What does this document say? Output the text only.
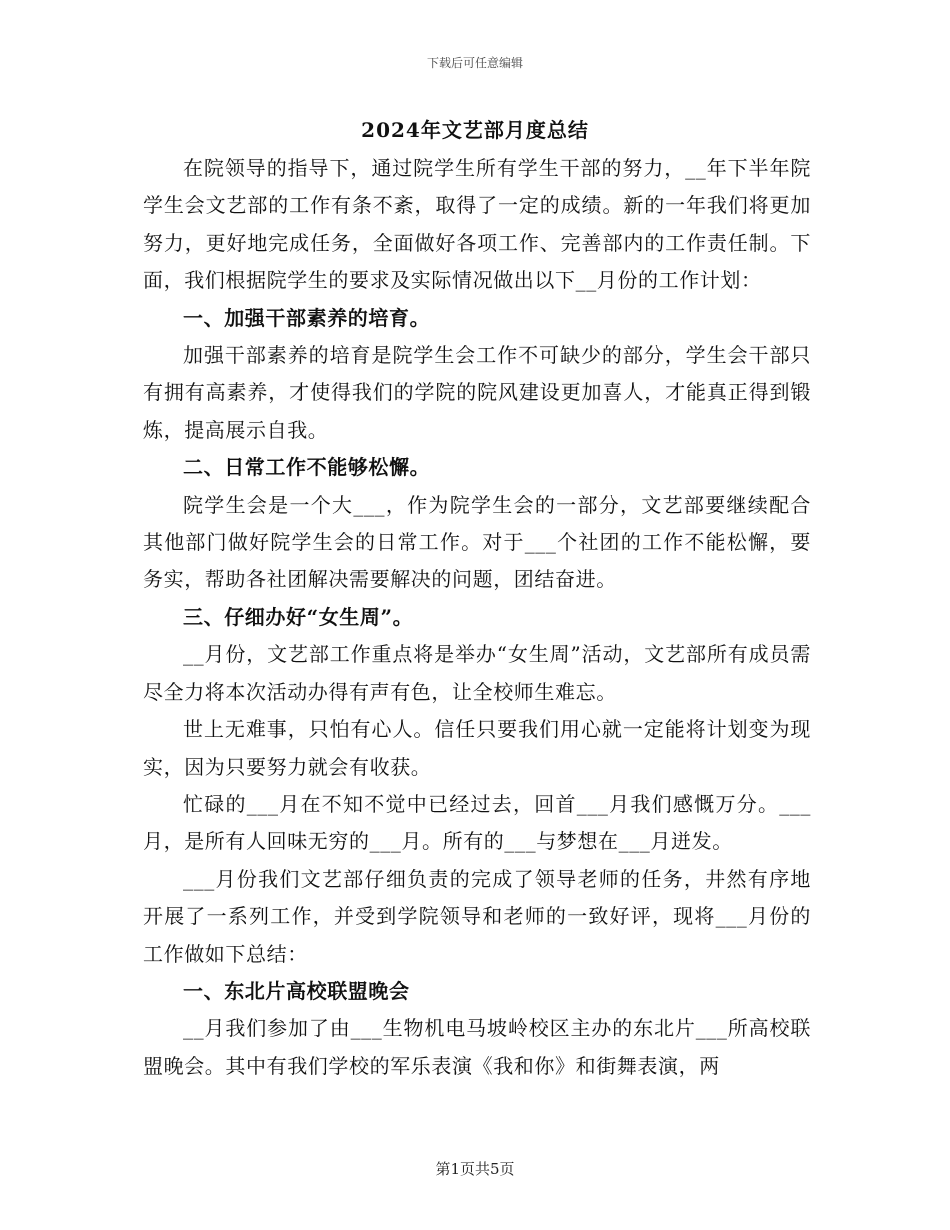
下载后可任意编辑
2024年文艺部月度总结

在院领导的指导下，通过院学生所有学生干部的努力，__年下半年院学生会文艺部的工作有条不紊，取得了一定的成绩。新的一年我们将更加努力，更好地完成任务，全面做好各项工作、完善部内的工作责任制。下面，我们根据院学生的要求及实际情况做出以下__月份的工作计划：

一、加强干部素养的培育。

加强干部素养的培育是院学生会工作不可缺少的部分，学生会干部只有拥有高素养，才使得我们的学院的院风建设更加喜人，才能真正得到锻炼，提高展示自我。

二、日常工作不能够松懈。

院学生会是一个大___，作为院学生会的一部分，文艺部要继续配合其他部门做好院学生会的日常工作。对于___个社团的工作不能松懈，要务实，帮助各社团解决需要解决的问题，团结奋进。

三、仔细办好“女生周”。

__月份，文艺部工作重点将是举办“女生周”活动，文艺部所有成员需尽全力将本次活动办得有声有色，让全校师生难忘。

世上无难事，只怕有心人。信任只要我们用心就一定能将计划变为现实，因为只要努力就会有收获。

忙碌的___月在不知不觉中已经过去，回首___月我们感慨万分。___月，是所有人回味无穷的___月。所有的___与梦想在___月迸发。

___月份我们文艺部仔细负责的完成了领导老师的任务，井然有序地开展了一系列工作，并受到学院领导和老师的一致好评，现将___月份的工作做如下总结：

一、东北片高校联盟晚会

__月我们参加了由___生物机电马坡岭校区主办的东北片___所高校联盟晚会。其中有我们学校的军乐表演《我和你》和街舞表演，两

第1页共5页
